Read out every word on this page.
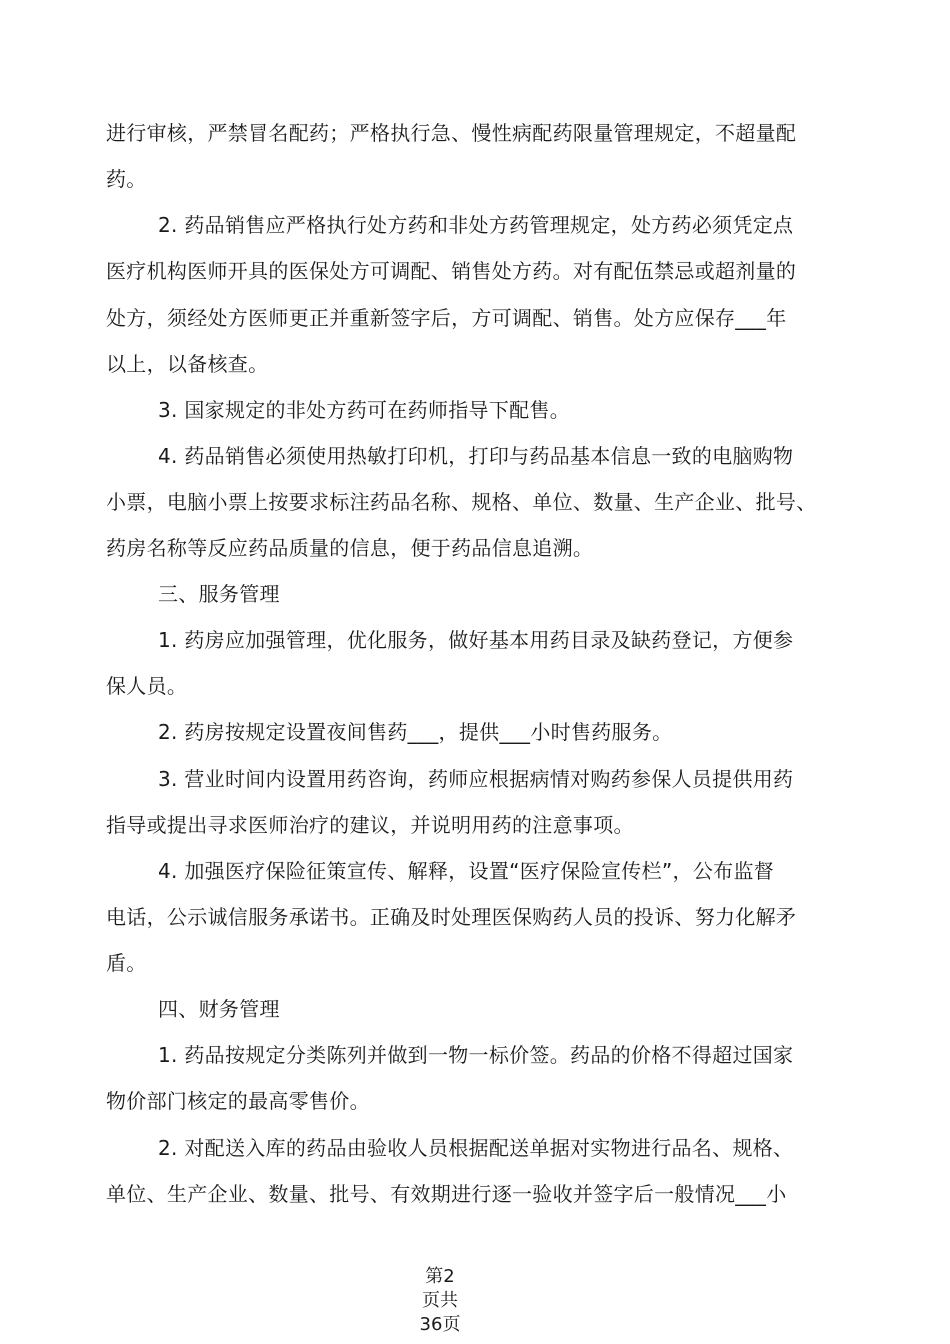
进行审核，严禁冒名配药；严格执行急、慢性病配药限量管理规定，不超量配

药。

2. 药品销售应严格执行处方药和非处方药管理规定，处方药必须凭定点

医疗机构医师开具的医保处方可调配、销售处方药。对有配伍禁忌或超剂量的

处方，须经处方医师更正并重新签字后，方可调配、销售。处方应保存___年

以上，以备核查。

3. 国家规定的非处方药可在药师指导下配售。

4. 药品销售必须使用热敏打印机，打印与药品基本信息一致的电脑购物

小票，电脑小票上按要求标注药品名称、规格、单位、数量、生产企业、批号、

药房名称等反应药品质量的信息，便于药品信息追溯。

三、服务管理

1. 药房应加强管理，优化服务，做好基本用药目录及缺药登记，方便参

保人员。

2. 药房按规定设置夜间售药___，提供___小时售药服务。

3. 营业时间内设置用药咨询，药师应根据病情对购药参保人员提供用药

指导或提出寻求医师治疗的建议，并说明用药的注意事项。

4. 加强医疗保险征策宣传、解释，设置“医疗保险宣传栏”，公布监督

电话，公示诚信服务承诺书。正确及时处理医保购药人员的投诉、努力化解矛

盾。

四、财务管理

1. 药品按规定分类陈列并做到一物一标价签。药品的价格不得超过国家

物价部门核定的最高零售价。

2. 对配送入库的药品由验收人员根据配送单据对实物进行品名、规格、

单位、生产企业、数量、批号、有效期进行逐一验收并签字后一般情况___小

第2
页共
36页
